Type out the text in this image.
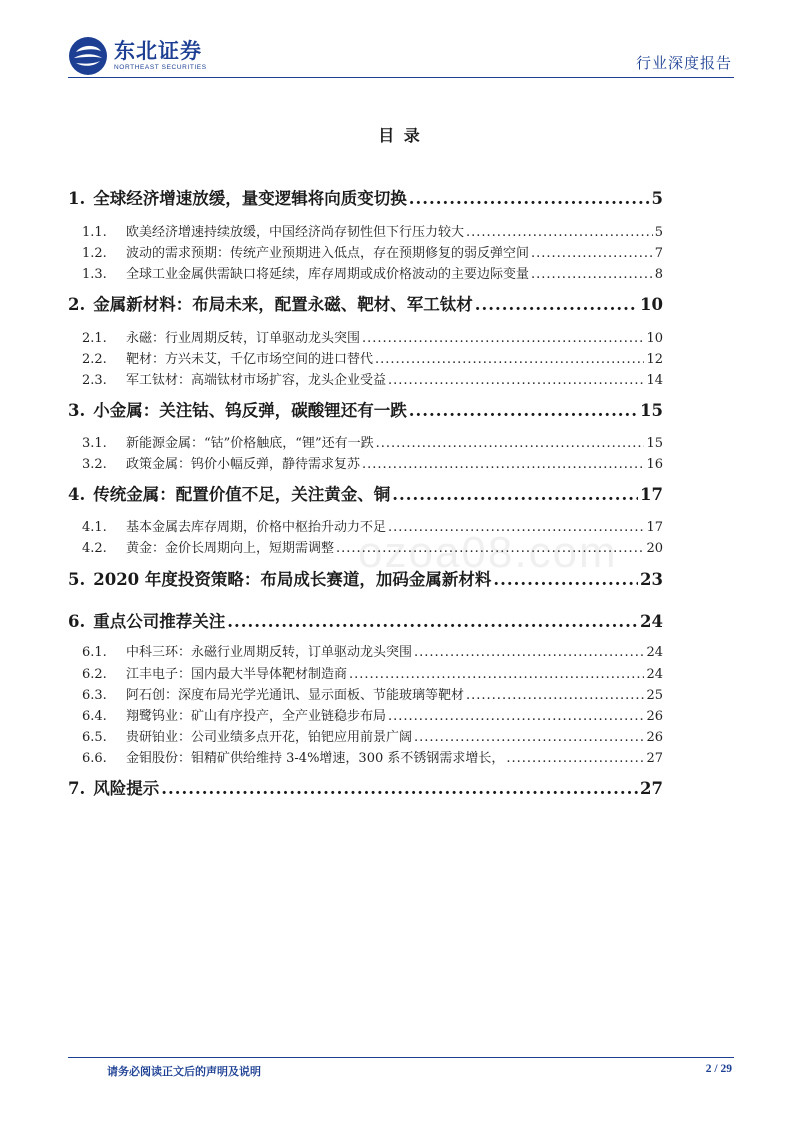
东北证券
NORTHEAST SECURITIES	行业深度报告
目 录
1. 全球经济增速放缓，量变逻辑将向质变切换 .....	5
1.1.	欧美经济增速持续放缓，中国经济尚存韧性但下行压力较大 .....	5
1.2.	波动的需求预期：传统产业预期进入低点，存在预期修复的弱反弹空间 .....	7
1.3.	全球工业金属供需缺口将延续，库存周期或成价格波动的主要边际变量 .....	8
2. 金属新材料：布局未来，配置永磁、靶材、军工钛材 .....	10
2.1.	永磁：行业周期反转，订单驱动龙头突围 .....	10
2.2.	靶材：方兴未艾，千亿市场空间的进口替代 .....	12
2.3.	军工钛材：高端钛材市场扩容，龙头企业受益 .....	14
3. 小金属：关注钴、钨反弹，碳酸锂还有一跌 .....	15
3.1.	新能源金属：“钴”价格触底，“锂”还有一跌 .....	15
3.2.	政策金属：钨价小幅反弹，静待需求复苏 .....	16
4. 传统金属：配置价值不足，关注黄金、铜 .....	17
4.1.	基本金属去库存周期，价格中枢抬升动力不足 .....	17
4.2.	黄金：金价长周期向上，短期需调整 .....	20
5. 2020 年度投资策略：布局成长赛道，加码金属新材料 .....	23
6. 重点公司推荐关注 .....	24
6.1.	中科三环：永磁行业周期反转，订单驱动龙头突围 .....	24
6.2.	江丰电子：国内最大半导体靶材制造商 .....	24
6.3.	阿石创：深度布局光学光通讯、显示面板、节能玻璃等靶材 .....	25
6.4.	翔鹭钨业：矿山有序投产，全产业链稳步布局 .....	26
6.5.	贵研铂业：公司业绩多点开花，铂钯应用前景广阔 .....	26
6.6.	金钼股份：钼精矿供给维持 3-4%增速，300 系不锈钢需求增长， .....	27
7. 风险提示 .....	27
ozoa08.com
请务必阅读正文后的声明及说明	2 / 29
